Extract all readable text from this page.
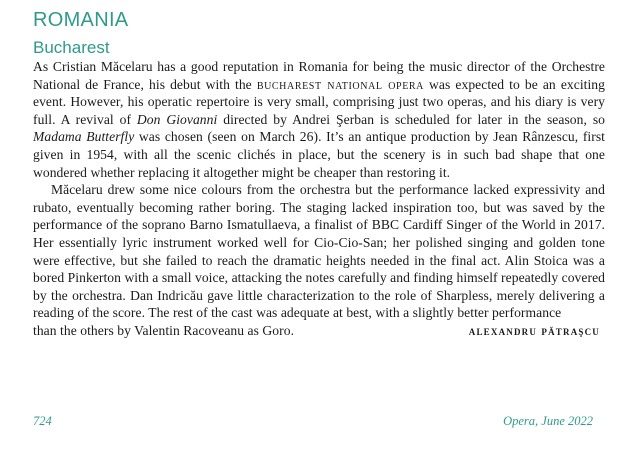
ROMANIA
Bucharest

As Cristian Măcelaru has a good reputation in Romania for being the music director of the Orchestre National de France, his debut with the bucharest national opera was expected to be an exciting event. However, his operatic repertoire is very small, comprising just two operas, and his diary is very full. A revival of Don Giovanni directed by Andrei Şerban is scheduled for later in the season, so Madama Butterfly was chosen (seen on March 26). It’s an antique production by Jean Rânzescu, first given in 1954, with all the scenic clichés in place, but the scenery is in such bad shape that one wondered whether replacing it altogether might be cheaper than restoring it.

Măcelaru drew some nice colours from the orchestra but the performance lacked expressivity and rubato, eventually becoming rather boring. The staging lacked inspiration too, but was saved by the performance of the soprano Barno Ismatullaeva, a finalist of BBC Cardiff Singer of the World in 2017. Her essentially lyric instrument worked well for Cio-Cio-San; her polished singing and golden tone were effective, but she failed to reach the dramatic heights needed in the final act. Alin Stoica was a bored Pinkerton with a small voice, attacking the notes carefully and finding himself repeatedly covered by the orchestra. Dan Indricău gave little characterization to the role of Sharpless, merely delivering a reading of the score. The rest of the cast was adequate at best, with a slightly better performance

than the others by Valentin Racoveanu as Goro.	alexandru pătraşcu
724	Opera, June 2022
